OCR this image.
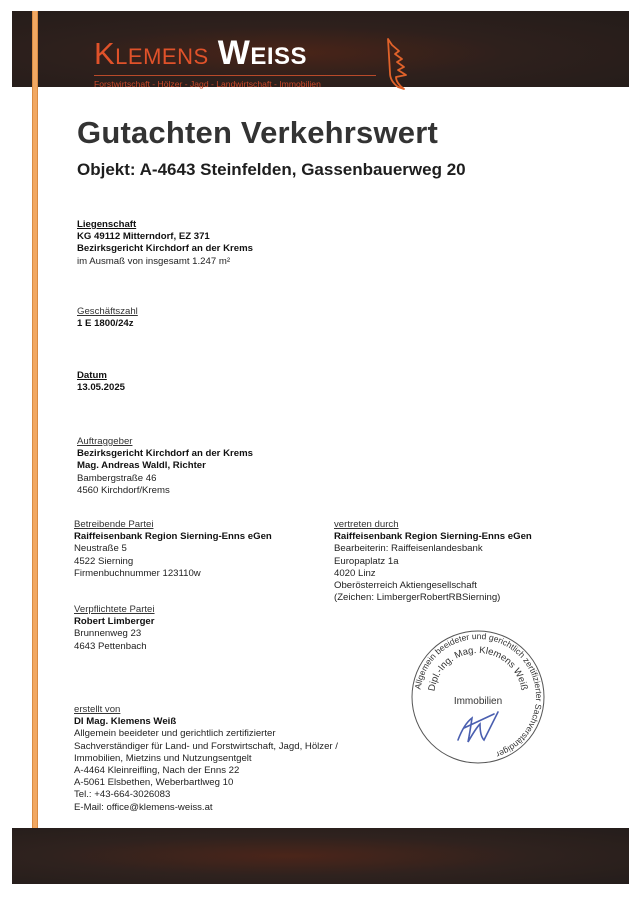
Klemens Weiss
Forstwirtschaft - Hölzer - Jagd - Landwirtschaft - Immobilien
Gutachten Verkehrswert
Objekt: A-4643 Steinfelden, Gassenbauerweg 20
Liegenschaft
KG 49112 Mitterndorf, EZ 371
Bezirksgericht Kirchdorf an der Krems
im Ausmaß von insgesamt 1.247 m²
Geschäftszahl
1 E 1800/24z
Datum
13.05.2025
Auftraggeber
Bezirksgericht Kirchdorf an der Krems
Mag. Andreas Waldl, Richter
Bambergstraße 46
4560 Kirchdorf/Krems
Betreibende Partei
Raiffeisenbank Region Sierning-Enns eGen
Neustraße 5
4522 Sierning
Firmenbuchnummer 123110w
vertreten durch
Raiffeisenbank Region Sierning-Enns eGen
Bearbeiterin: Raiffeisenlandesbank
Europaplatz 1a
4020 Linz
Oberösterreich Aktiengesellschaft
(Zeichen: LimbergerRobertRBSierning)
Verpflichtete Partei
Robert Limberger
Brunnenweg 23
4643 Pettenbach
erstellt von
DI Mag. Klemens Weiß
Allgemein beeideter und gerichtlich zertifizierter
Sachverständiger für Land- und Forstwirtschaft, Jagd, Hölzer /
Immobilien, Mietzins und Nutzungsentgelt
A-4464 Kleinreifling, Nach der Enns 22
A-5061 Elsbethen, Weberbartlweg 10
Tel.: +43-664-3026083
E-Mail: office@klemens-weiss.at
Allgemein beeideter und gerichtlich zertifizierter Sachverständiger
Dipl.-Ing. Mag. Klemens Weiß
Immobilien
